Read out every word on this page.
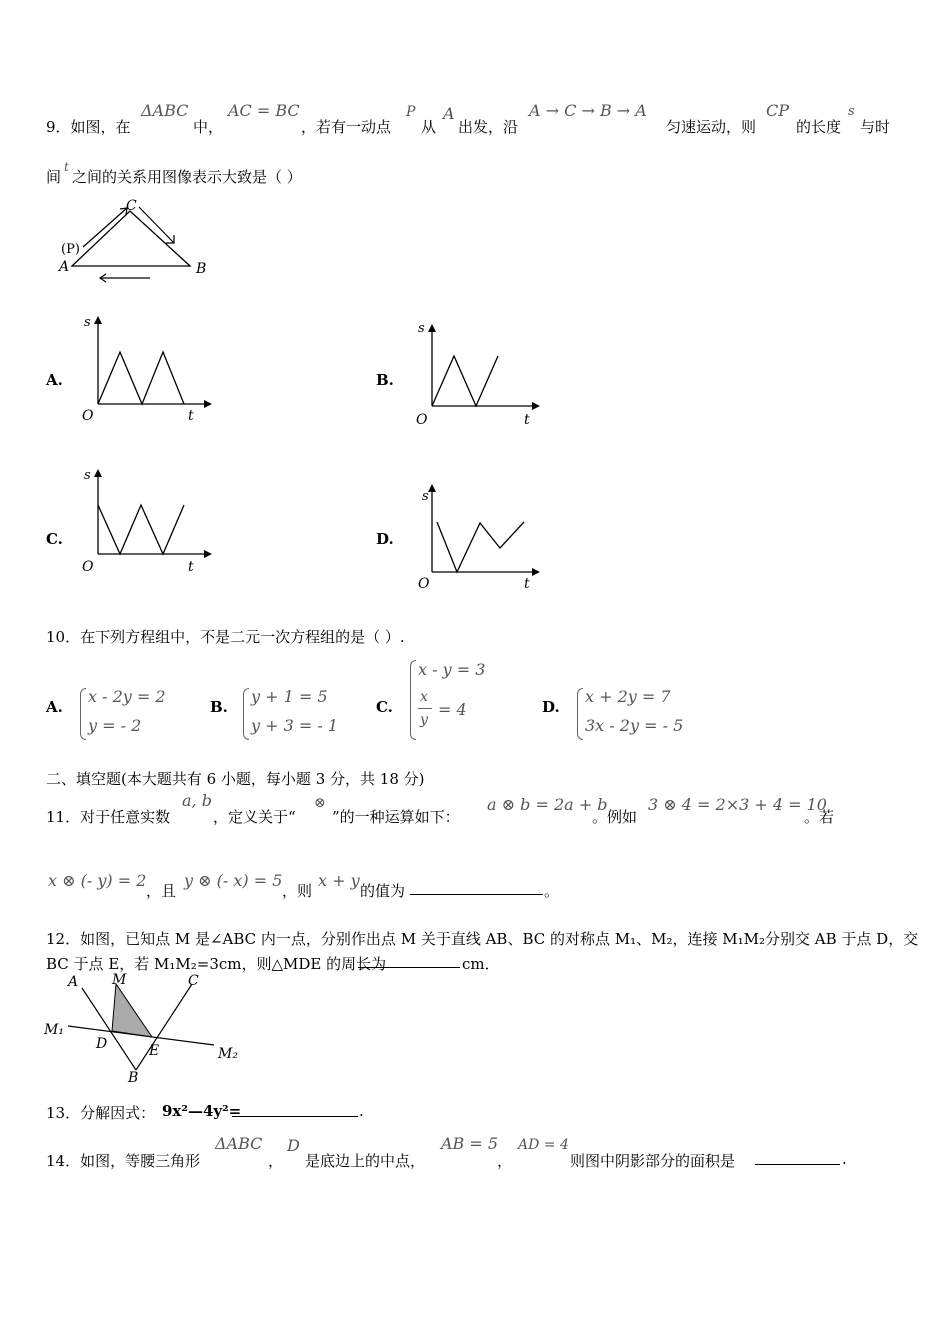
9．如图，在
ΔABC
中，
AC = BC
，若有一动点
P
从
A
出发，沿
A → C → B → A
匀速运动，则
CP
的长度
s
与时
间
t
之间的关系用图像表示大致是（ ）
C
(P)
A	B
A.
s
O	t
B.
s
O	t
C.
s
O	t
D.
s
O	t
10．在下列方程组中，不是二元一次方程组的是（ ）.
A.
x - 2y = 2
y = - 2
B.
y + 1 = 5
y + 3 = - 1
C.
x - y = 3
x
y
= 4	D.
x + 2y = 7
3x - 2y = - 5
二、填空题(本大题共有 6 小题，每小题 3 分，共 18 分)
11．对于任意实数
a, b
，定义关于“
⊗
”的一种运算如下：
a ⊗ b = 2a + b
。例如
3 ⊗ 4 = 2×3 + 4 = 10
。若
x ⊗ (- y) = 2
，且
y ⊗ (- x) = 5
，则
x + y
的值为	。
12．如图，已知点 M 是∠ABC 内一点，分别作出点 M 关于直线 AB、BC 的对称点 M₁、M₂，连接 M₁M₂分别交 AB 于点 D，交
BC 于点 E，若 M₁M₂=3cm，则△MDE 的周长为	cm．
A M	C
M₁
D	E	M₂
B
13．分解因式： 9x²—4y²=	.
14．如图，等腰三角形
ΔABC
，
D
是底边上的中点，
AB = 5
，
AD = 4
则图中阴影部分的面积是	.
